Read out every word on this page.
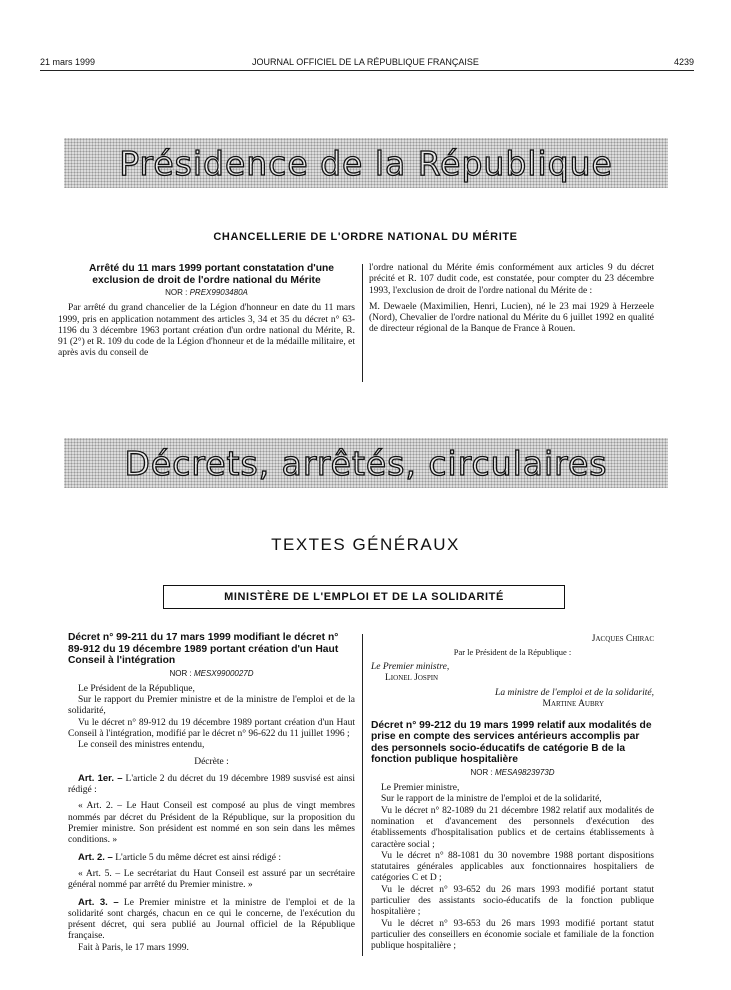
21 mars 1999	JOURNAL OFFICIEL DE LA RÉPUBLIQUE FRANÇAISE	4239
Présidence de la République
CHANCELLERIE DE L'ORDRE NATIONAL DU MÉRITE

Arrêté du 11 mars 1999 portant constatation d'une exclusion de droit de l'ordre national du Mérite

NOR : PREX9903480A

Par arrêté du grand chancelier de la Légion d'honneur en date du 11 mars 1999, pris en application notamment des articles 3, 34 et 35 du décret n° 63-1196 du 3 décembre 1963 portant création d'un ordre national du Mérite, R. 91 (2°) et R. 109 du code de la Légion d'honneur et de la médaille militaire, et après avis du conseil de

l'ordre national du Mérite émis conformément aux articles 9 du décret précité et R. 107 dudit code, est constatée, pour compter du 23 décembre 1993, l'exclusion de droit de l'ordre national du Mérite de :

M. Dewaele (Maximilien, Henri, Lucien), né le 23 mai 1929 à Herzeele (Nord), Chevalier de l'ordre national du Mérite du 6 juillet 1992 en qualité de directeur régional de la Banque de France à Rouen.

Décrets, arrêtés, circulaires
TEXTES GÉNÉRAUX
MINISTÈRE DE L'EMPLOI ET DE LA SOLIDARITÉ

Décret n° 99-211 du 17 mars 1999 modifiant le décret n° 89-912 du 19 décembre 1989 portant création d'un Haut Conseil à l'intégration

NOR : MESX9900027D

Le Président de la République,

Sur le rapport du Premier ministre et de la ministre de l'emploi et de la solidarité,

Vu le décret n° 89-912 du 19 décembre 1989 portant création d'un Haut Conseil à l'intégration, modifié par le décret n° 96-622 du 11 juillet 1996 ;

Le conseil des ministres entendu,

Décrète :

Art. 1er. – L'article 2 du décret du 19 décembre 1989 susvisé est ainsi rédigé :

« Art. 2. – Le Haut Conseil est composé au plus de vingt membres nommés par décret du Président de la République, sur la proposition du Premier ministre. Son président est nommé en son sein dans les mêmes conditions. »

Art. 2. – L'article 5 du même décret est ainsi rédigé :

« Art. 5. – Le secrétariat du Haut Conseil est assuré par un secrétaire général nommé par arrêté du Premier ministre. »

Art. 3. – Le Premier ministre et la ministre de l'emploi et de la solidarité sont chargés, chacun en ce qui le concerne, de l'exécution du présent décret, qui sera publié au Journal officiel de la République française.

Fait à Paris, le 17 mars 1999.

Jacques Chirac
Par le Président de la République :
Le Premier ministre,
Lionel Jospin
La ministre de l'emploi et de la solidarité,
Martine Aubry

Décret n° 99-212 du 19 mars 1999 relatif aux modalités de prise en compte des services antérieurs accomplis par des personnels socio-éducatifs de catégorie B de la fonction publique hospitalière

NOR : MESA9823973D

Le Premier ministre,

Sur le rapport de la ministre de l'emploi et de la solidarité,

Vu le décret n° 82-1089 du 21 décembre 1982 relatif aux modalités de nomination et d'avancement des personnels d'exécution des établissements d'hospitalisation publics et de certains établissements à caractère social ;

Vu le décret n° 88-1081 du 30 novembre 1988 portant dispositions statutaires générales applicables aux fonctionnaires hospitaliers de catégories C et D ;

Vu le décret n° 93-652 du 26 mars 1993 modifié portant statut particulier des assistants socio-éducatifs de la fonction publique hospitalière ;

Vu le décret n° 93-653 du 26 mars 1993 modifié portant statut particulier des conseillers en économie sociale et familiale de la fonction publique hospitalière ;
